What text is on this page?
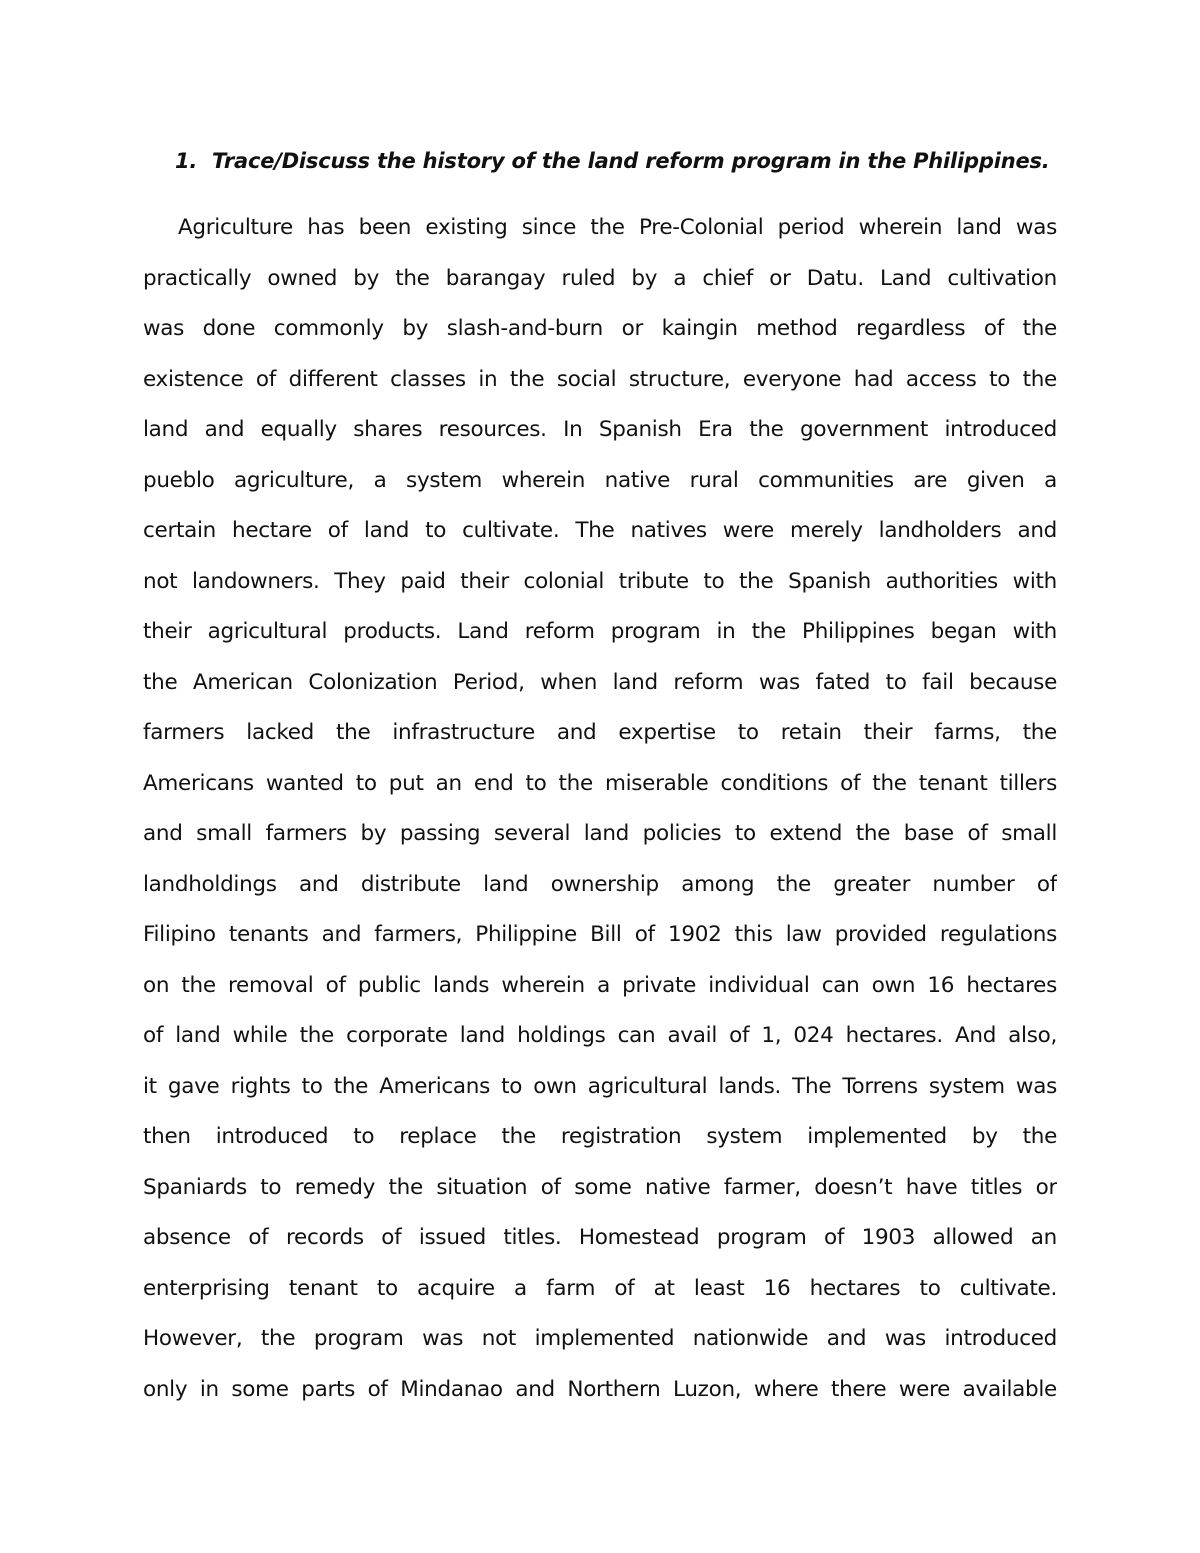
1. Trace/Discuss the history of the land reform program in the Philippines.
Agriculture has been existing since the Pre-Colonial period wherein land was
practically owned by the barangay ruled by a chief or Datu. Land cultivation
was done commonly by slash-and-burn or kaingin method regardless of the
existence of different classes in the social structure, everyone had access to the
land and equally shares resources. In Spanish Era the government introduced
pueblo agriculture, a system wherein native rural communities are given a
certain hectare of land to cultivate. The natives were merely landholders and
not landowners. They paid their colonial tribute to the Spanish authorities with
their agricultural products. Land reform program in the Philippines began with
the American Colonization Period, when land reform was fated to fail because
farmers lacked the infrastructure and expertise to retain their farms, the
Americans wanted to put an end to the miserable conditions of the tenant tillers
and small farmers by passing several land policies to extend the base of small
landholdings and distribute land ownership among the greater number of
Filipino tenants and farmers, Philippine Bill of 1902 this law provided regulations
on the removal of public lands wherein a private individual can own 16 hectares
of land while the corporate land holdings can avail of 1, 024 hectares. And also,
it gave rights to the Americans to own agricultural lands. The Torrens system was
then introduced to replace the registration system implemented by the
Spaniards to remedy the situation of some native farmer, doesn’t have titles or
absence of records of issued titles. Homestead program of 1903 allowed an
enterprising tenant to acquire a farm of at least 16 hectares to cultivate.
However, the program was not implemented nationwide and was introduced
only in some parts of Mindanao and Northern Luzon, where there were available
